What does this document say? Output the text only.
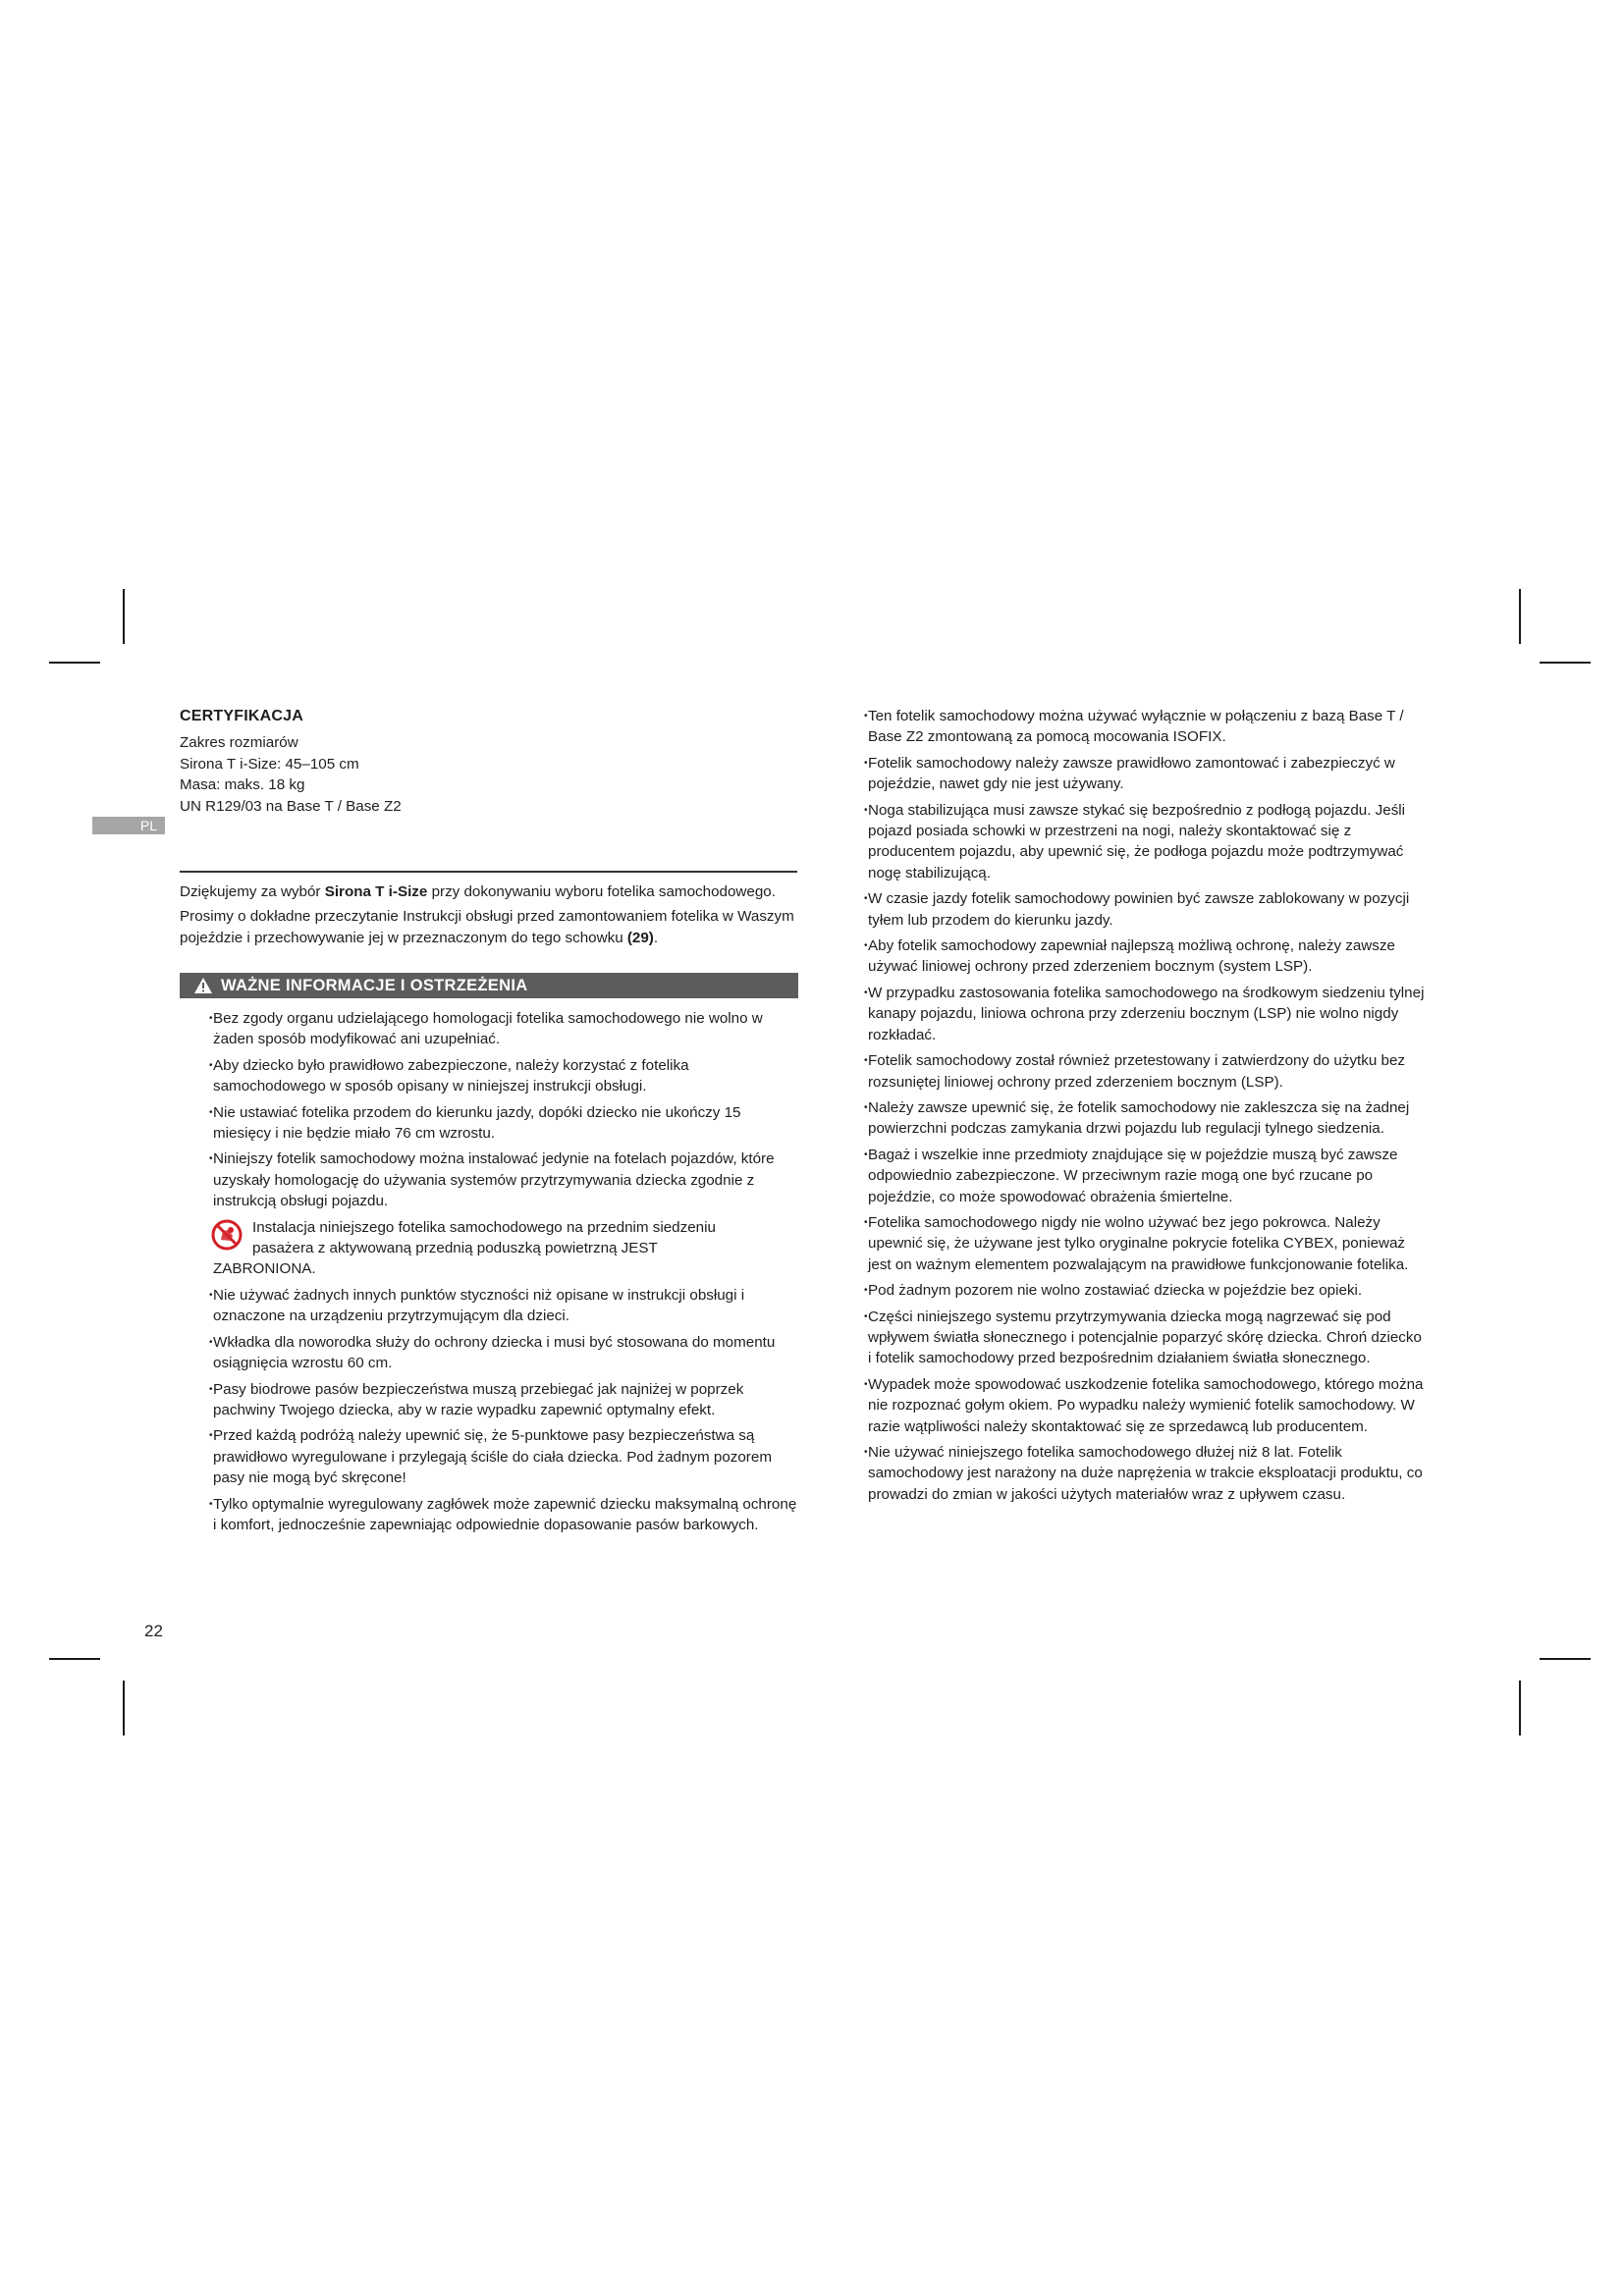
PL

CERTYFIKACJA

Zakres rozmiarów

Sirona T i-Size: 45–105 cm

Masa: maks. 18 kg

UN R129/03 na Base T / Base Z2

Dziękujemy za wybór Sirona T i-Size przy dokonywaniu wyboru fotelika samochodowego.

Prosimy o dokładne przeczytanie Instrukcji obsługi przed zamontowaniem fotelika w Waszym pojeździe i przechowywanie jej w przeznaczonym do tego schowku (29).

WAŻNE INFORMACJE I OSTRZEŻENIA

• Bez zgody organu udzielającego homologacji fotelika samochodowego nie wolno w żaden sposób modyfikować ani uzupełniać.

• Aby dziecko było prawidłowo zabezpieczone, należy korzystać z fotelika samochodowego w sposób opisany w niniejszej instrukcji obsługi.

• Nie ustawiać fotelika przodem do kierunku jazdy, dopóki dziecko nie ukończy 15 miesięcy i nie będzie miało 76 cm wzrostu.

• Niniejszy fotelik samochodowy można instalować jedynie na fotelach pojazdów, które uzyskały homologację do używania systemów przytrzymywania dziecka zgodnie z instrukcją obsługi pojazdu.

Instalacja niniejszego fotelika samochodowego na przednim siedzeniu
pasażera z aktywowaną przednią poduszką powietrzną JEST
ZABRONIONA.

• Nie używać żadnych innych punktów styczności niż opisane w instrukcji obsługi i oznaczone na urządzeniu przytrzymującym dla dzieci.

• Wkładka dla noworodka służy do ochrony dziecka i musi być stosowana do momentu osiągnięcia wzrostu 60 cm.

• Pasy biodrowe pasów bezpieczeństwa muszą przebiegać jak najniżej w poprzek pachwiny Twojego dziecka, aby w razie wypadku zapewnić optymalny efekt.

• Przed każdą podróżą należy upewnić się, że 5-punktowe pasy bezpieczeństwa są prawidłowo wyregulowane i przylegają ściśle do ciała dziecka. Pod żadnym pozorem pasy nie mogą być skręcone!

• Tylko optymalnie wyregulowany zagłówek może zapewnić dziecku maksymalną ochronę i komfort, jednocześnie zapewniając odpowiednie dopasowanie pasów barkowych.

• Ten fotelik samochodowy można używać wyłącznie w połączeniu z bazą Base T / Base Z2 zmontowaną za pomocą mocowania ISOFIX.

• Fotelik samochodowy należy zawsze prawidłowo zamontować i zabezpieczyć w pojeździe, nawet gdy nie jest używany.

• Noga stabilizująca musi zawsze stykać się bezpośrednio z podłogą pojazdu. Jeśli pojazd posiada schowki w przestrzeni na nogi, należy skontaktować się z producentem pojazdu, aby upewnić się, że podłoga pojazdu może podtrzymywać nogę stabilizującą.

• W czasie jazdy fotelik samochodowy powinien być zawsze zablokowany w pozycji tyłem lub przodem do kierunku jazdy.

• Aby fotelik samochodowy zapewniał najlepszą możliwą ochronę, należy zawsze używać liniowej ochrony przed zderzeniem bocznym (system LSP).

• W przypadku zastosowania fotelika samochodowego na środkowym siedzeniu tylnej kanapy pojazdu, liniowa ochrona przy zderzeniu bocznym (LSP) nie wolno nigdy rozkładać.

• Fotelik samochodowy został również przetestowany i zatwierdzony do użytku bez rozsuniętej liniowej ochrony przed zderzeniem bocznym (LSP).

• Należy zawsze upewnić się, że fotelik samochodowy nie zakleszcza się na żadnej powierzchni podczas zamykania drzwi pojazdu lub regulacji tylnego siedzenia.

• Bagaż i wszelkie inne przedmioty znajdujące się w pojeździe muszą być zawsze odpowiednio zabezpieczone. W przeciwnym razie mogą one być rzucane po pojeździe, co może spowodować obrażenia śmiertelne.

• Fotelika samochodowego nigdy nie wolno używać bez jego pokrowca. Należy upewnić się, że używane jest tylko oryginalne pokrycie fotelika CYBEX, ponieważ jest on ważnym elementem pozwalającym na prawidłowe funkcjonowanie fotelika.

• Pod żadnym pozorem nie wolno zostawiać dziecka w pojeździe bez opieki.

• Części niniejszego systemu przytrzymywania dziecka mogą nagrzewać się pod wpływem światła słonecznego i potencjalnie poparzyć skórę dziecka. Chroń dziecko i fotelik samochodowy przed bezpośrednim działaniem światła słonecznego.

• Wypadek może spowodować uszkodzenie fotelika samochodowego, którego można nie rozpoznać gołym okiem. Po wypadku należy wymienić fotelik samochodowy. W razie wątpliwości należy skontaktować się ze sprzedawcą lub producentem.

• Nie używać niniejszego fotelika samochodowego dłużej niż 8 lat. Fotelik samochodowy jest narażony na duże naprężenia w trakcie eksploatacji produktu, co prowadzi do zmian w jakości użytych materiałów wraz z upływem czasu.

22
